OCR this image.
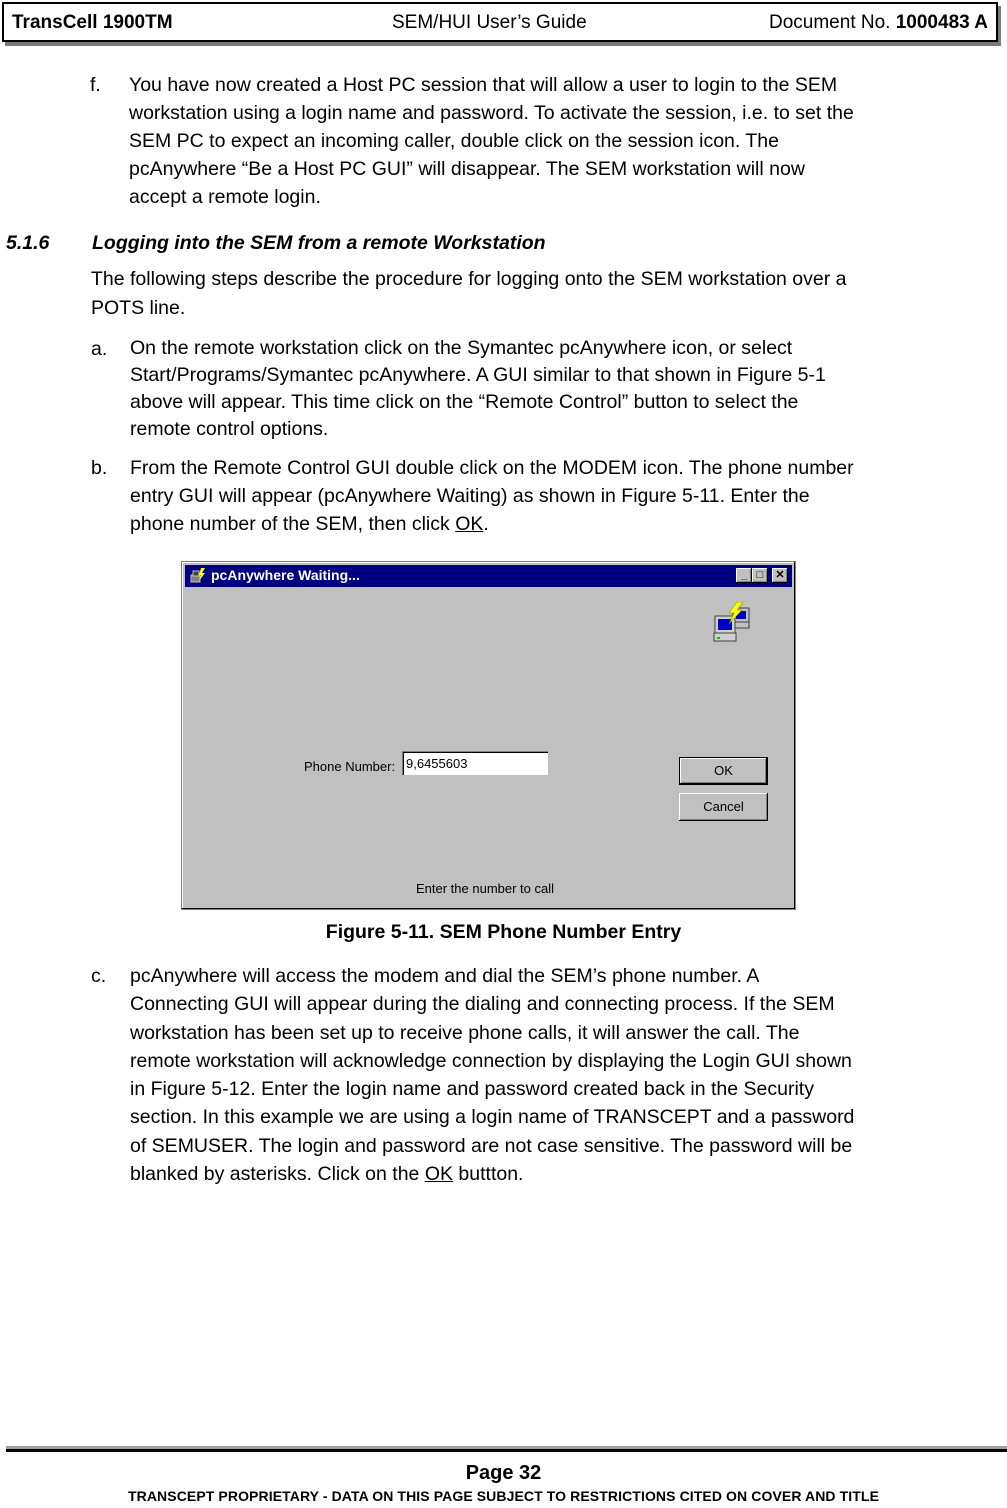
TransCell 1900TM	SEM/HUI User’s Guide	Document No. 1000483 A
f. You have now created a Host PC session that will allow a user to login to the SEM
workstation using a login name and password. To activate the session, i.e. to set the
SEM PC to expect an incoming caller, double click on the session icon. The
pcAnywhere “Be a Host PC GUI” will disappear. The SEM workstation will now
accept a remote login.
5.1.6 Logging into the SEM from a remote Workstation
The following steps describe the procedure for logging onto the SEM workstation over a
POTS line.
a. On the remote workstation click on the Symantec pcAnywhere icon, or select
Start/Programs/Symantec pcAnywhere. A GUI similar to that shown in Figure 5-1
above will appear. This time click on the “Remote Control” button to select the
remote control options.
b. From the Remote Control GUI double click on the MODEM icon. The phone number
entry GUI will appear (pcAnywhere Waiting) as shown in Figure 5-11. Enter the
phone number of the SEM, then click OK.
pcAnywhere Waiting...	_ □	✕
Phone Number:
9,6455603	OK
Cancel
Enter the number to call
Figure 5-11. SEM Phone Number Entry
c. pcAnywhere will access the modem and dial the SEM’s phone number. A
Connecting GUI will appear during the dialing and connecting process. If the SEM
workstation has been set up to receive phone calls, it will answer the call. The
remote workstation will acknowledge connection by displaying the Login GUI shown
in Figure 5-12. Enter the login name and password created back in the Security
section. In this example we are using a login name of TRANSCEPT and a password
of SEMUSER. The login and password are not case sensitive. The password will be
blanked by asterisks. Click on the OK buttton.
Page 32
TRANSCEPT PROPRIETARY - DATA ON THIS PAGE SUBJECT TO RESTRICTIONS CITED ON COVER AND TITLE
